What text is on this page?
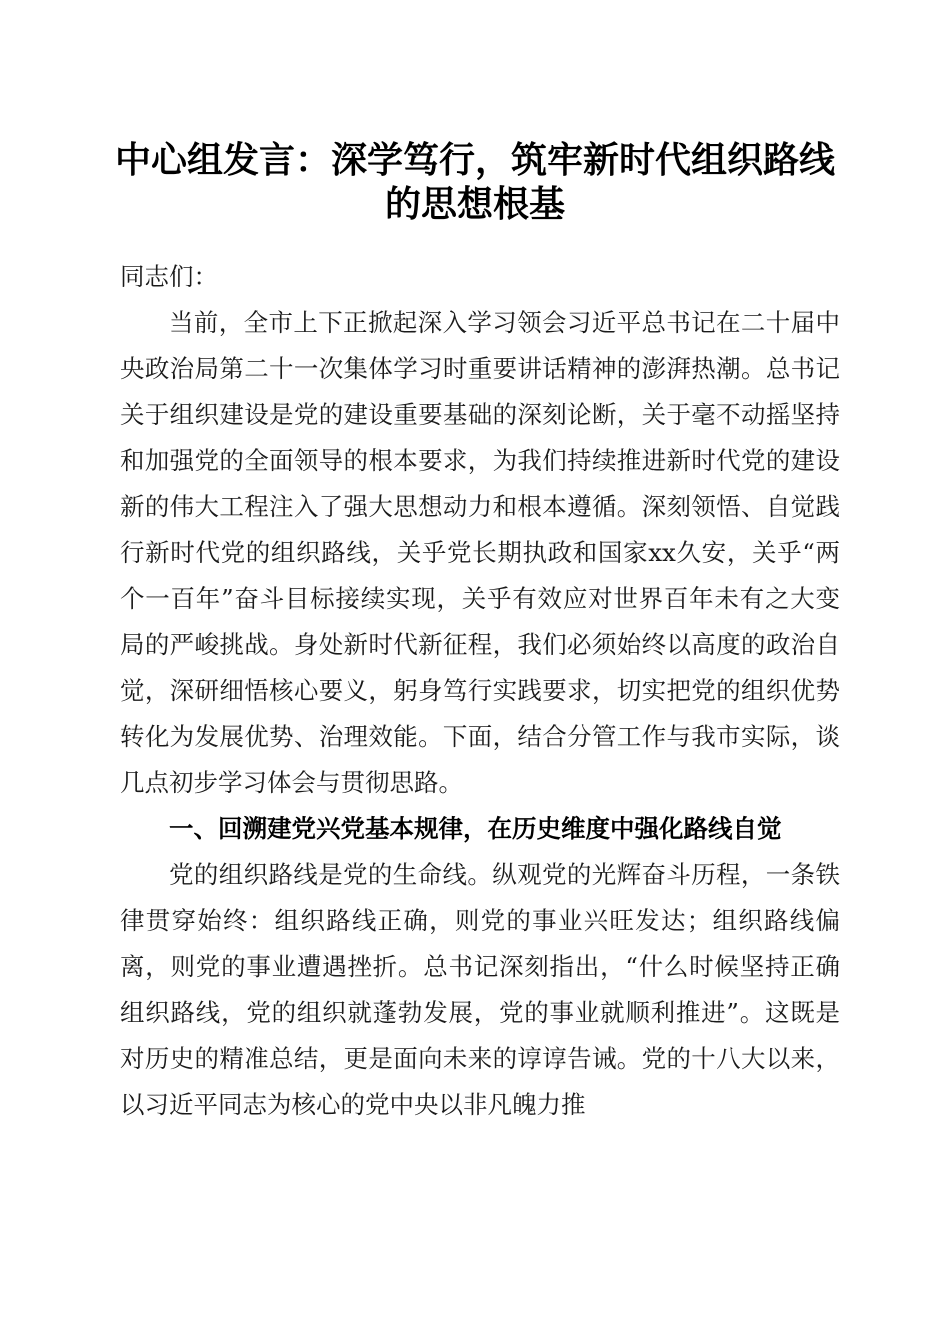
中心组发言：深学笃行，筑牢新时代组织路线
的思想根基

同志们：

当前，全市上下正掀起深入学习领会习近平总书记在二十届中央政治局第二十一次集体学习时重要讲话精神的澎湃热潮。总书记关于组织建设是党的建设重要基础的深刻论断，关于毫不动摇坚持和加强党的全面领导的根本要求，为我们持续推进新时代党的建设新的伟大工程注入了强大思想动力和根本遵循。深刻领悟、自觉践行新时代党的组织路线，关乎党长期执政和国家xx久安，关乎“两个一百年”奋斗目标接续实现，关乎有效应对世界百年未有之大变局的严峻挑战。身处新时代新征程，我们必须始终以高度的政治自觉，深研细悟核心要义，躬身笃行实践要求，切实把党的组织优势转化为发展优势、治理效能。下面，结合分管工作与我市实际，谈几点初步学习体会与贯彻思路。

一、回溯建党兴党基本规律，在历史维度中强化路线自觉

党的组织路线是党的生命线。纵观党的光辉奋斗历程，一条铁律贯穿始终：组织路线正确，则党的事业兴旺发达；组织路线偏离，则党的事业遭遇挫折。总书记深刻指出，“什么时候坚持正确组织路线，党的组织就蓬勃发展，党的事业就顺利推进”。这既是对历史的精准总结，更是面向未来的谆谆告诫。党的十八大以来，以习近平同志为核心的党中央以非凡魄力推
